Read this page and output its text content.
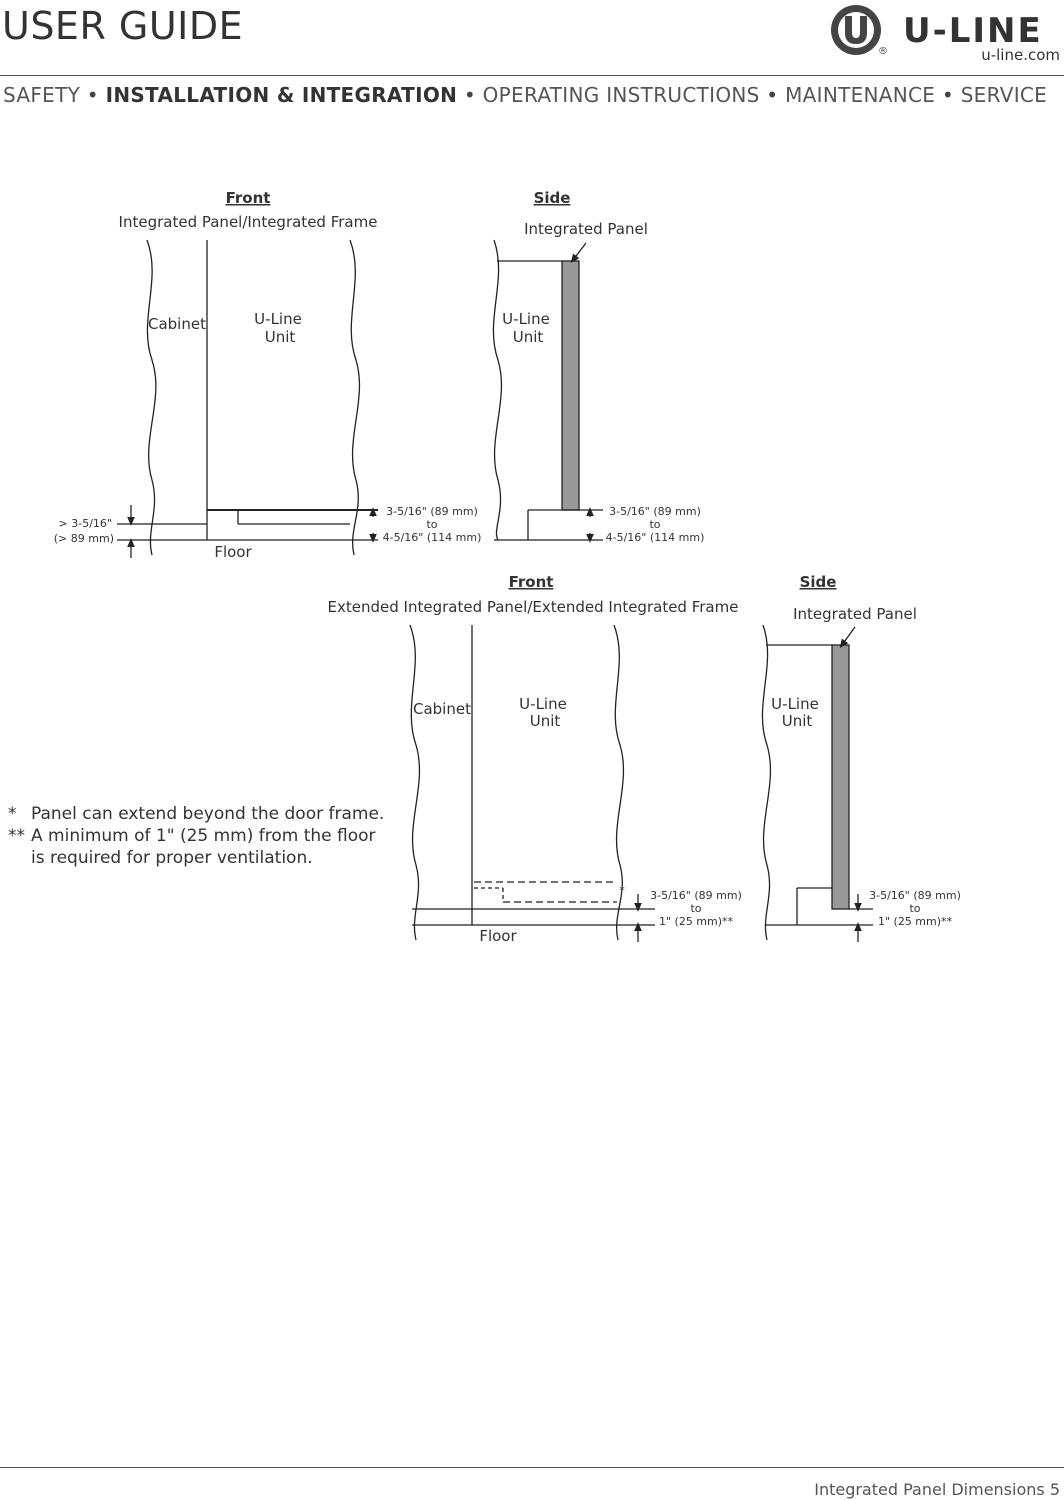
USER GUIDE
®
U-LINE
u-line.com
SAFETY • INSTALLATION & INTEGRATION • OPERATING INSTRUCTIONS • MAINTENANCE • SERVICE
Front	Side
Integrated Panel/Integrated Frame	Integrated Panel
Cabinet	U-Line
Unit
U-Line
Unit
Floor
> 3-5/16"
(> 89 mm)
3-5/16" (89 mm)
to
4-5/16" (114 mm)
3-5/16" (89 mm)
to
4-5/16" (114 mm)
Front	Side
Extended Integrated Panel/Extended Integrated Frame	Integrated Panel
Cabinet	U-Line
Unit
U-Line
Unit
Floor
* 3-5/16" (89 mm)
to
1" (25 mm)**
3-5/16" (89 mm)
to
1" (25 mm)**
* Panel can extend beyond the door frame.
** A minimum of 1" (25 mm) from the floor
is required for proper ventilation.
Integrated Panel Dimensions 5
